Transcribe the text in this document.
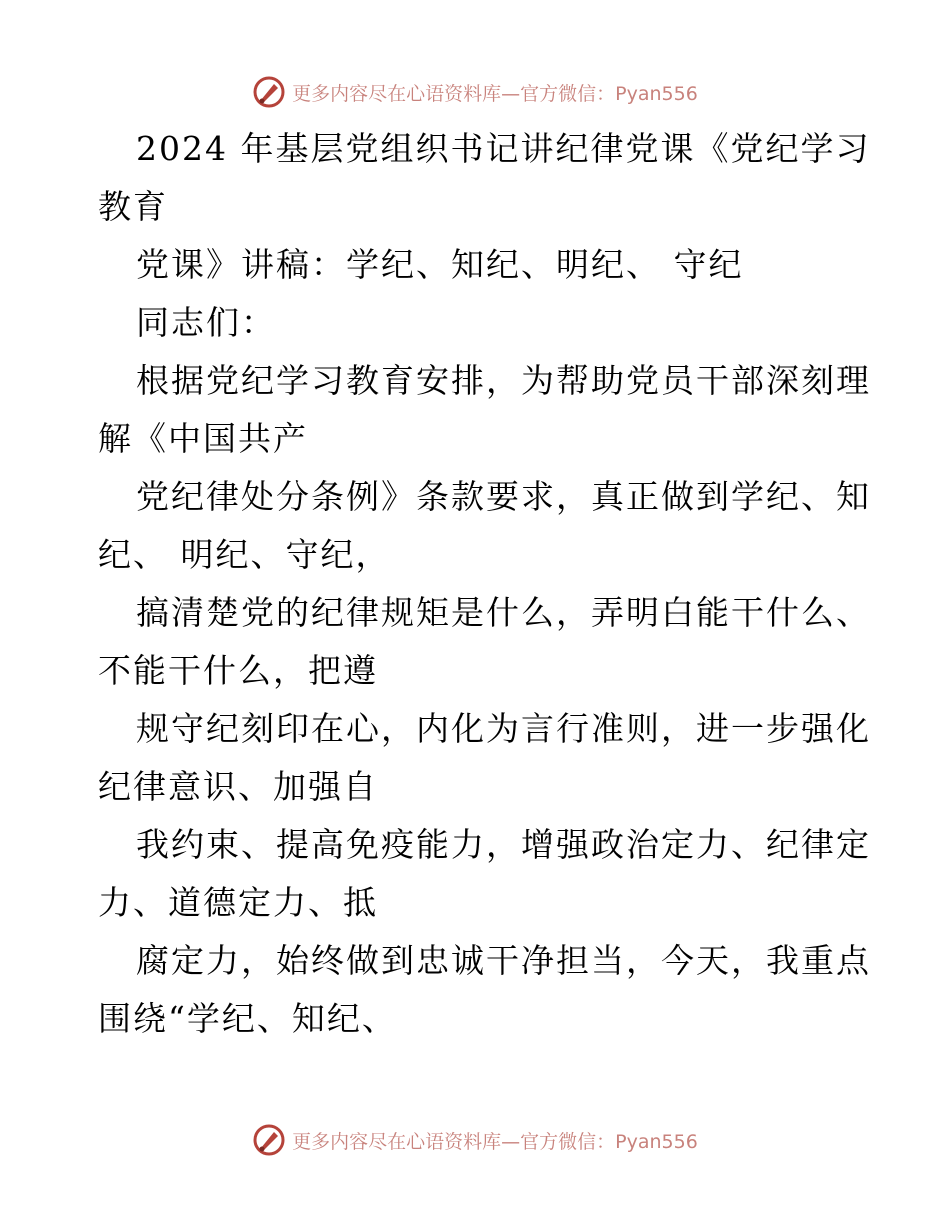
更多内容尽在心语资料库—官方微信：Pyan556
2024 年基层党组织书记讲纪律党课《党纪学习
教育
党课》讲稿：学纪、知纪、明纪、 守纪
同志们：
根据党纪学习教育安排，为帮助党员干部深刻理
解《中国共产
党纪律处分条例》条款要求，真正做到学纪、知
纪、 明纪、守纪，
搞清楚党的纪律规矩是什么，弄明白能干什么、
不能干什么，把遵
规守纪刻印在心，内化为言行准则，进一步强化
纪律意识、加强自
我约束、提高免疫能力，增强政治定力、纪律定
力、道德定力、抵
腐定力，始终做到忠诚干净担当，今天，我重点
围绕“学纪、知纪、
更多内容尽在心语资料库—官方微信：Pyan556
